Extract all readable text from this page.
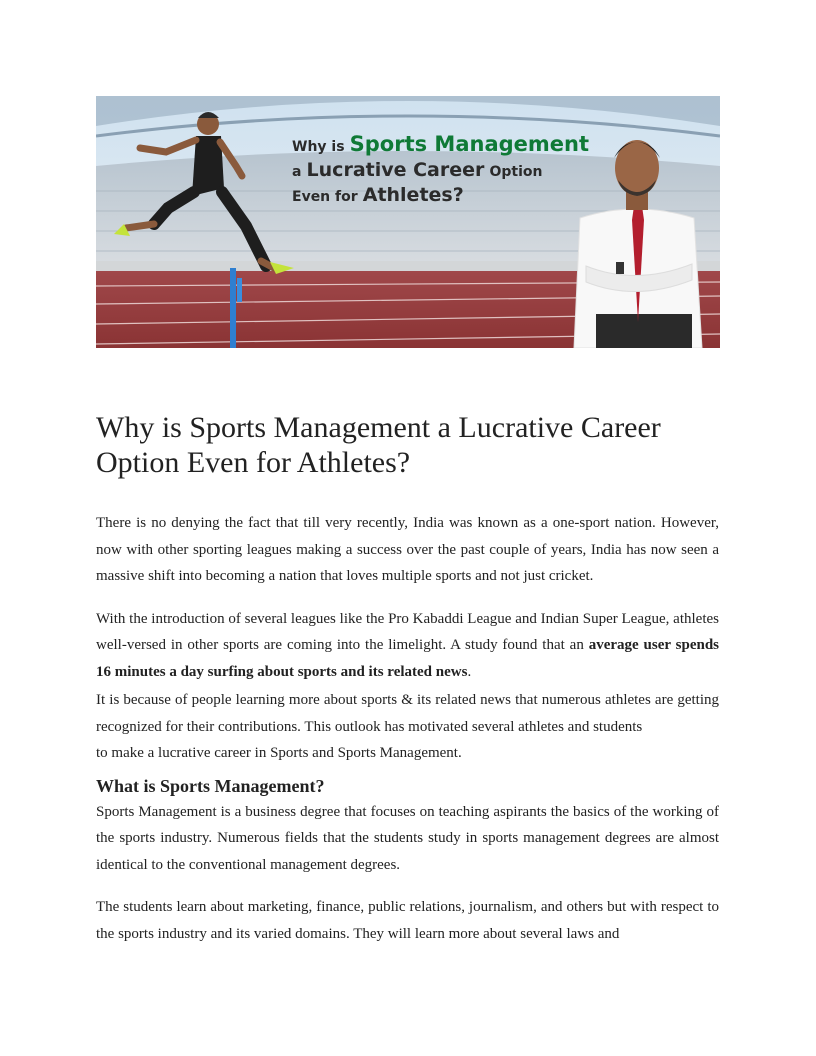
Why is Sports Management
a Lucrative Career Option
Even for Athletes?
Why is Sports Management a Lucrative Career Option Even for Athletes?

There is no denying the fact that till very recently, India was known as a one-sport nation. However, now with other sporting leagues making a success over the past couple of years, India has now seen a massive shift into becoming a nation that loves multiple sports and not just cricket.

With the introduction of several leagues like the Pro Kabaddi League and Indian Super League, athletes well-versed in other sports are coming into the limelight. A study found that an average user spends 16 minutes a day surfing about sports and its related news.

It is because of people learning more about sports & its related news that numerous athletes are getting recognized for their contributions. This outlook has motivated several athletes and students

to make a lucrative career in Sports and Sports Management.

What is Sports Management?

Sports Management is a business degree that focuses on teaching aspirants the basics of the working of the sports industry. Numerous fields that the students study in sports management degrees are almost identical to the conventional management degrees.

The students learn about marketing, finance, public relations, journalism, and others but with respect to the sports industry and its varied domains. They will learn more about several laws and
